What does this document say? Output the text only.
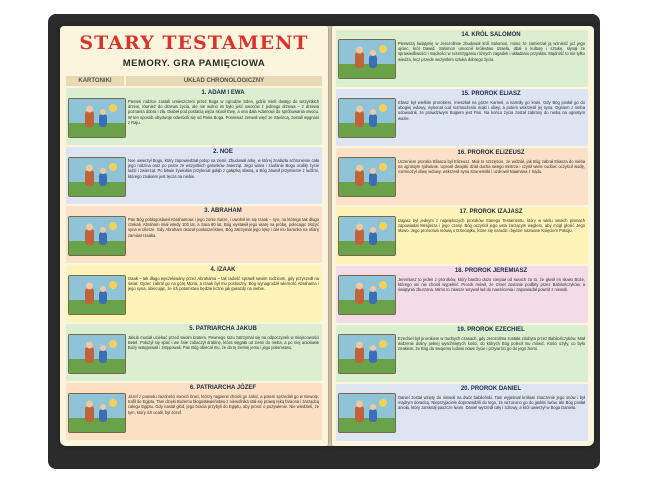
STARY TESTAMENT
MEMORY. GRA PAMIĘCIOWA
KARTONIKI	UKŁAD CHRONOLOGICZNY
1. ADAM I EWA
Pierwsi rodzice zostali umieszczeni przez Boga w ogrodzie Eden, gdzie mieli dostęp do wszystkich drzew, również do drzewa życia, ale nie wolno im było jeść owoców z jednego drzewa – z drzewa poznania dobra i zła. Diabeł pod postacią węża skusił Ewę, a ona dała Adamowi do spróbowania owocu. W ten sposób obydwoje odwrócili się od Pana Boga. Ponieważ zerwali więź ze Stwórcą, zostali wygnani z Raju.
2. NOE
Noe uwierzył Bogu, który zapowiedział potop na ziemi. Zbudował arkę, w której znalazła schronienie cała jego rodzina oraz po parze ze wszystkich gatunków zwierząt. Jego wiara i zaufanie Bogu ocaliły życie ludzi i zwierząt. Po bitwie żywiołów przyleciał gołąb z gałązką oliwną, a Bóg zawarł przymierze z ludźmi, którego znakiem jest tęcza na niebie.
3. ABRAHAM
Pan Bóg pobłogosławił Abrahamowi i jego żonie Sarze, i uwolnił im się Izaak – syn, na którego tak długo czekali. Abraham miał wtedy 100 lat, a Sara 90 lat. Bóg wystawił jego wiarę na próbę, polecając złożyć syna w ofierze. Gdy Abraham okazał posłuszeństwo, Bóg zatrzymał jego rękę i dał mu baranka na ofiarę zamiast Izaaka.
4. IZAAK
Izaak – tak długo wyczekiwany przez Abrahama – tak radość sprawił swoim rodzicom, gdy przyszedł na świat. Ojciec zabrał go na górę Moria, a Izaak był mu posłuszny. Bóg wynagrodził wierność Abrahama i jego syna, obiecując, że ich potomstwo będzie liczne jak gwiazdy na niebie.
5. PATRIARCHA JAKUB
Jakub musiał uciekać przed swoim bratem. Pewnego razu zatrzymał się na odpoczynek w miejscowości Betel. Położył się spać i we śnie zobaczył drabinę, która sięgała od ziemi do nieba, a po niej aniołowie Boży wstępowali i zstępowali. Pan Bóg obiecał mu, że da tę ziemię jemu i jego potomstwu.
6. PATRIARCHA JÓZEF
Józef z powodu zazdrości swoich braci, którzy najpierw chcieli go zabić, a potem sprzedali go w niewolę, trafił do Egiptu. Tam dzięki Bożemu błogosławieństwu z niewolnika stał się prawą ręką faraona i zarządcą całego Egiptu. Gdy nastał głód, jego bracia przybyli do Egiptu, aby prosić o pożywienie. Nie wiedzieli, że tym, który ich ocalił, był Józef.
14. KRÓL SALOMON
Pierwszą świątynię w Jerozolimie zbudował król Salomon, mimo że zamierzał ją wznieść już jego ojciec, król Dawid. Salomon umocnił królestwo Izraela, dbał o kulturę i sztukę, słynął ze sprawiedliwości i mądrości w rozstrzyganiu różnych zagadek i układaniu przysłów. Mądrość to nie tylko wiedza, lecz przede wszystkim sztuka dobrego życia.
15. PROROK ELIASZ
Eliasz był wielkim prorokiem, mieszkał na górze Karmel, a karmiły go kruki. Gdy Bóg posłał go do ubogiej wdowy, wykonał cud rozmnożenia mąki i oliwy, a potem wskrzesił jej syna. Ogniem z nieba udowodnił, że prawdziwym Bogiem jest Pan. Na końcu życia został zabrany do nieba na ognistym wozie.
16. PROROK ELIZEUSZ
Uczeniem proroka Eliasza był Elizeusz. Miał to szczęście, że widział, jak Bóg zabrał Eliasza do nieba na ognistym rydwanie. Uprosił dwojaki dział ducha swego mistrza i czynił wiele cudów: oczyścił wodę, rozmnożył oliwę wdowy, wskrzesił syna Szunemitki i uzdrowił Naamana z trądu.
17. PROROK IZAJASZ
Izajasz był jednym z największych proroków Starego Testamentu, który w wielu swoich pismach zapowiadał Mesjasza i jego czasy. Bóg oczyścił jego usta żarzącym węglem, aby mógł głosić Jego słowo. Jego proroctwa mówią o Dzieciątku, które się narodzi i będzie nazwane Księciem Pokoju.
18. PROROK JEREMIASZ
Jeremiasz to jeden z proroków, który bardzo dużo cierpiał od swoich za to, że głosił im słowo Boże, którego oni nie chcieli wypełnić. Prorok mówił, że Izrael zostanie podbity przez Babilończyków, a świątynia zburzona. Mimo to zawsze wzywał lud do nawrócenia i zapowiadał powrót z niewoli.
19. PROROK EZECHIEL
Ezechiel był prorokiem w trudnych czasach, gdy Jerozolima została zdobyta przez Babilończyków. Miał widzenie doliny pełnej wyschniętych kości, do których Bóg polecił mu mówić. Kości ożyły, co było znakiem, że Bóg da swojemu ludowi nowe życie i przywróci go do jego ziemi.
20. PROROK DANIEL
Daniel został wzięty do niewoli na dwór babiloński. Tam wyjaśniał królowi znaczenie jego snów i był mądrym doradcą. Nieprzyjaciele doprowadzili do tego, że wrzucono go do jaskini lwów, ale Bóg posłał anioła, który zamknął paszcze lwom. Daniel wyszedł cały i zdrowy, a król uwierzył w Boga Daniela.
